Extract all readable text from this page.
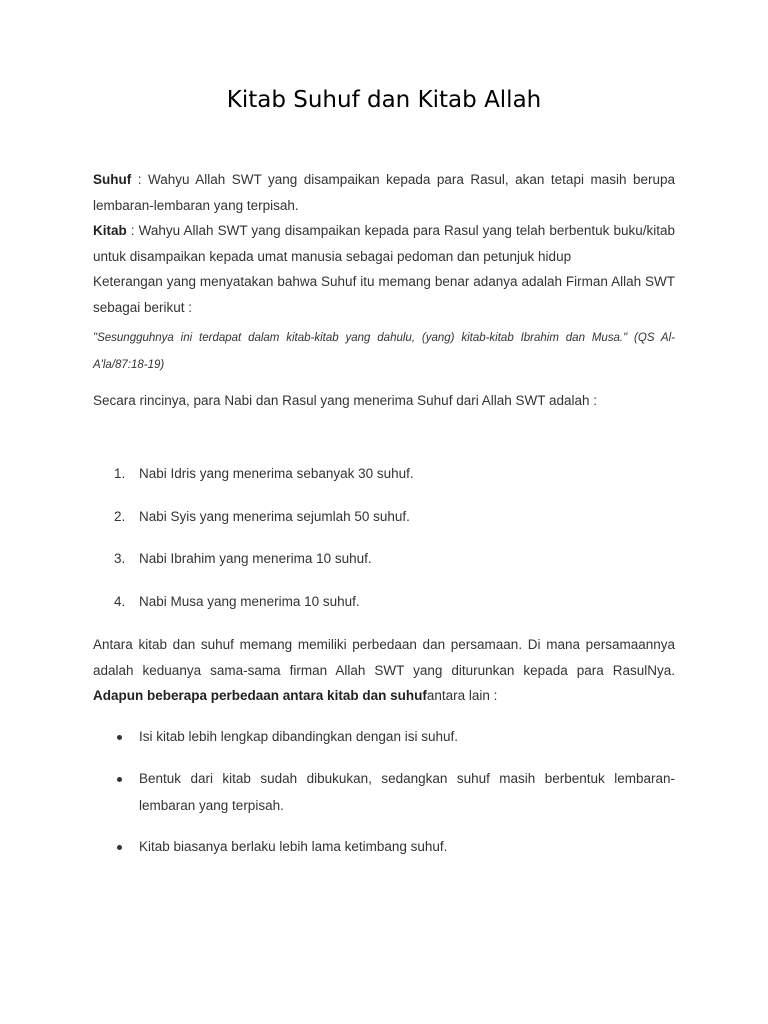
Kitab Suhuf dan Kitab Allah
Suhuf : Wahyu Allah SWT yang disampaikan kepada para Rasul, akan tetapi masih berupa lembaran-lembaran yang terpisah.
Kitab : Wahyu Allah SWT yang disampaikan kepada para Rasul yang telah berbentuk buku/kitab untuk disampaikan kepada umat manusia sebagai pedoman dan petunjuk hidup
Keterangan yang menyatakan bahwa Suhuf itu memang benar adanya adalah Firman Allah SWT sebagai berikut :
"Sesungguhnya ini terdapat dalam kitab-kitab yang dahulu, (yang) kitab-kitab Ibrahim dan Musa." (QS Al-A'la/87:18-19)
Secara rincinya, para Nabi dan Rasul yang menerima Suhuf dari Allah SWT adalah :
1.	Nabi Idris yang menerima sebanyak 30 suhuf.
2.	Nabi Syis yang menerima sejumlah 50 suhuf.
3.	Nabi Ibrahim yang menerima 10 suhuf.
4.	Nabi Musa yang menerima 10 suhuf.
Antara kitab dan suhuf memang memiliki perbedaan dan persamaan. Di mana persamaannya adalah keduanya sama-sama firman Allah SWT yang diturunkan kepada para RasulNya. Adapun beberapa perbedaan antara kitab dan suhufantara lain :
Isi kitab lebih lengkap dibandingkan dengan isi suhuf.
Bentuk dari kitab sudah dibukukan, sedangkan suhuf masih berbentuk lembaran-lembaran yang terpisah.
Kitab biasanya berlaku lebih lama ketimbang suhuf.
